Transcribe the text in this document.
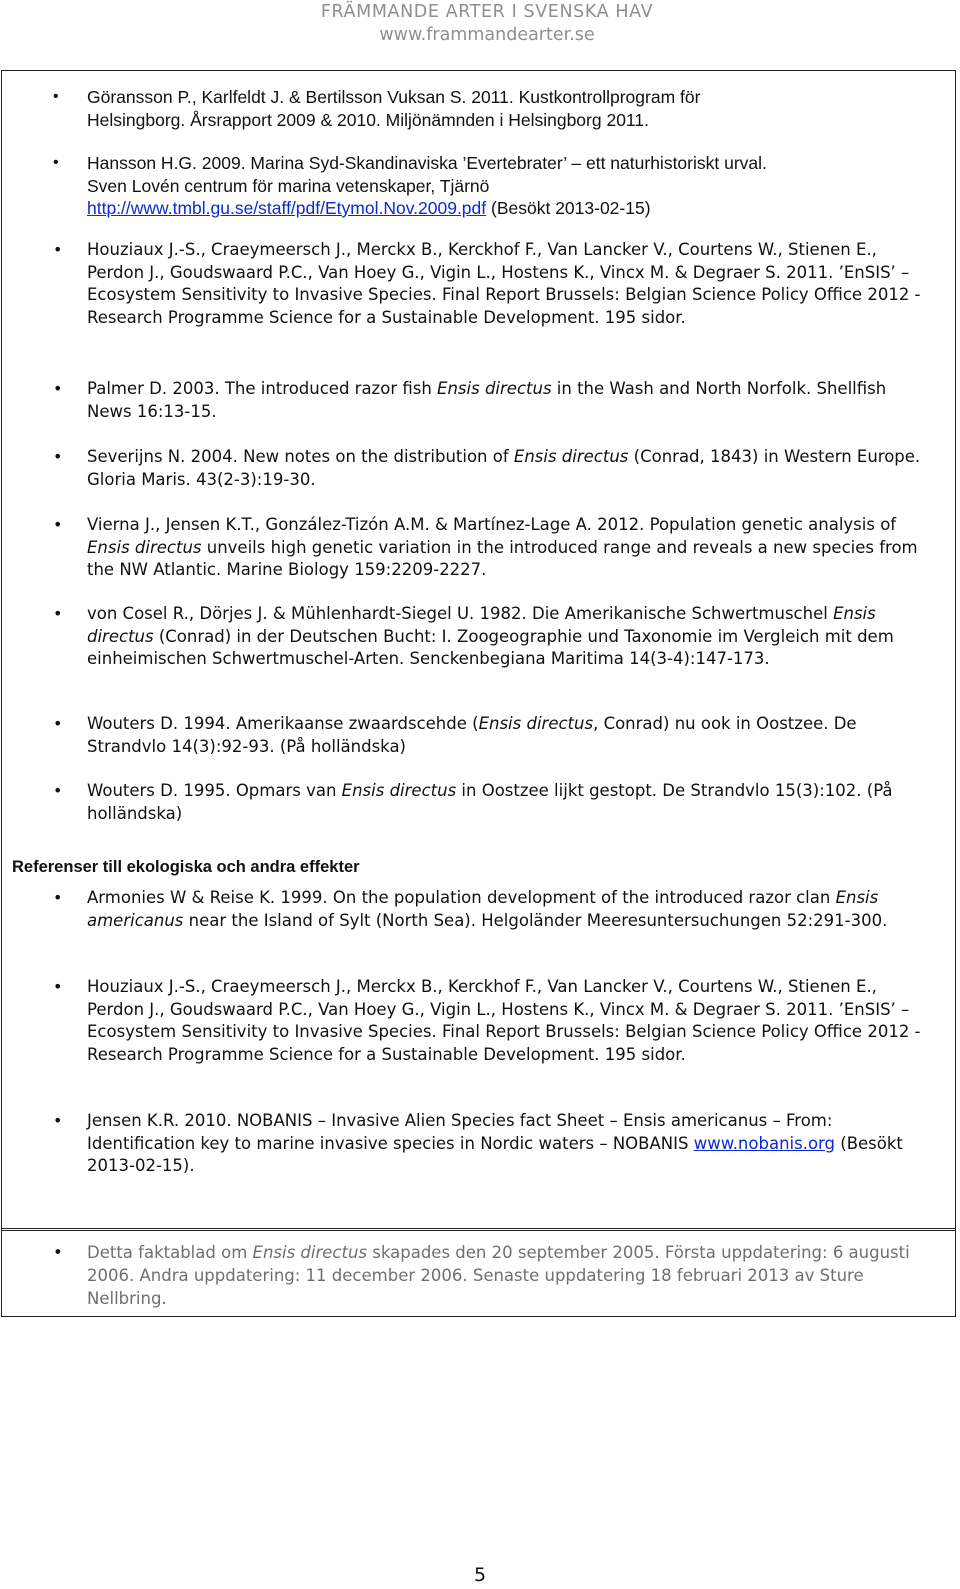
FRÄMMANDE ARTER I SVENSKA HAV
www.frammandearter.se
• Göransson P., Karlfeldt J. & Bertilsson Vuksan S. 2011. Kustkontrollprogram för
Helsingborg. Årsrapport 2009 & 2010. Miljönämnden i Helsingborg 2011.
• Hansson H.G. 2009. Marina Syd-Skandinaviska ’Evertebrater’ – ett naturhistoriskt urval.
Sven Lovén centrum för marina vetenskaper, Tjärnö
http://www.tmbl.gu.se/staff/pdf/Etymol.Nov.2009.pdf (Besökt 2013-02-15)
• Houziaux J.-S., Craeymeersch J., Merckx B., Kerckhof F., Van Lancker V., Courtens W., Stienen E., Perdon J., Goudswaard P.C., Van Hoey G., Vigin L., Hostens K., Vincx M. & Degraer S. 2011. ’EnSIS’ – Ecosystem Sensitivity to Invasive Species. Final Report Brussels: Belgian Science Policy Office 2012 - Research Programme Science for a Sustainable Development. 195 sidor.
• Palmer D. 2003. The introduced razor fish Ensis directus in the Wash and North Norfolk. Shellfish News 16:13-15.
• Severijns N. 2004. New notes on the distribution of Ensis directus (Conrad, 1843) in Western Europe. Gloria Maris. 43(2-3):19-30.
• Vierna J., Jensen K.T., González-Tizón A.M. & Martínez-Lage A. 2012. Population genetic analysis of Ensis directus unveils high genetic variation in the introduced range and reveals a new species from the NW Atlantic. Marine Biology 159:2209-2227.
• von Cosel R., Dörjes J. & Mühlenhardt-Siegel U. 1982. Die Amerikanische Schwertmuschel Ensis directus (Conrad) in der Deutschen Bucht: I. Zoogeographie und Taxonomie im Vergleich mit dem einheimischen Schwertmuschel-Arten. Senckenbegiana Maritima 14(3-4):147-173.
• Wouters D. 1994. Amerikaanse zwaardscehde (Ensis directus, Conrad) nu ook in Oostzee. De Strandvlo 14(3):92-93. (På holländska)
• Wouters D. 1995. Opmars van Ensis directus in Oostzee lijkt gestopt. De Strandvlo 15(3):102. (På holländska)
Referenser till ekologiska och andra effekter
• Armonies W & Reise K. 1999. On the population development of the introduced razor clan Ensis americanus near the Island of Sylt (North Sea). Helgoländer Meeresuntersuchungen 52:291-300.
• Houziaux J.-S., Craeymeersch J., Merckx B., Kerckhof F., Van Lancker V., Courtens W., Stienen E., Perdon J., Goudswaard P.C., Van Hoey G., Vigin L., Hostens K., Vincx M. & Degraer S. 2011. ’EnSIS’ – Ecosystem Sensitivity to Invasive Species. Final Report Brussels: Belgian Science Policy Office 2012 - Research Programme Science for a Sustainable Development. 195 sidor.
• Jensen K.R. 2010. NOBANIS – Invasive Alien Species fact Sheet – Ensis americanus – From: Identification key to marine invasive species in Nordic waters – NOBANIS www.nobanis.org (Besökt 2013-02-15).
• Detta faktablad om Ensis directus skapades den 20 september 2005. Första uppdatering: 6 augusti 2006. Andra uppdatering: 11 december 2006. Senaste uppdatering 18 februari 2013 av Sture Nellbring.
5
